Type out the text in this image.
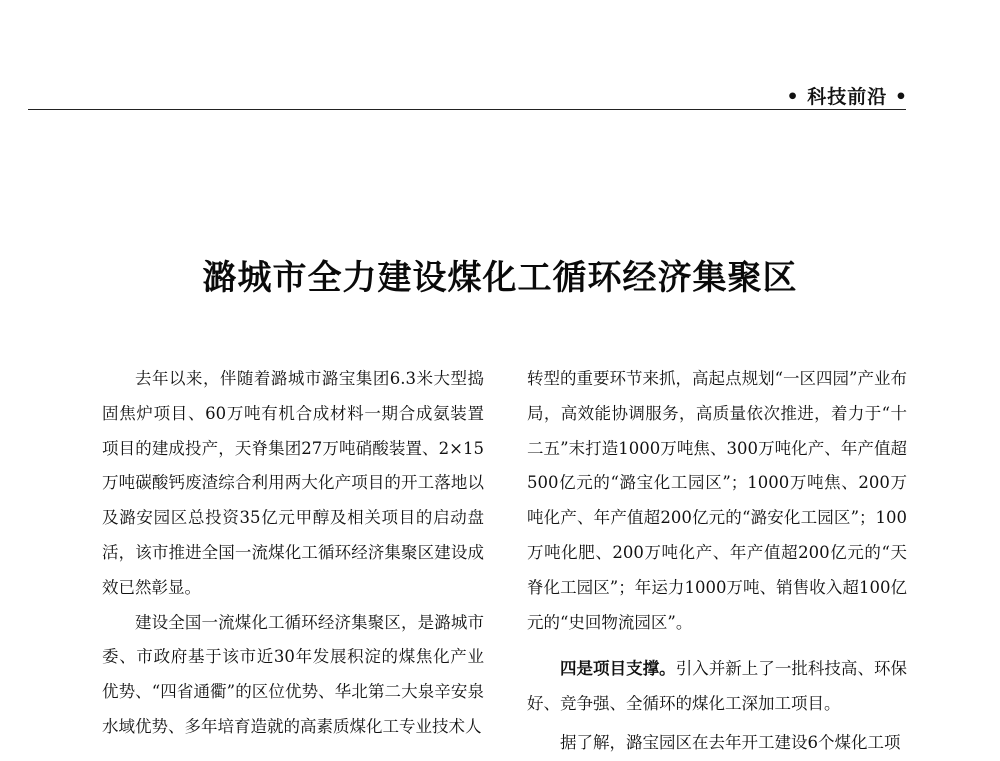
• 科技前沿 •
潞城市全力建设煤化工循环经济集聚区

去年以来，伴随着潞城市潞宝集团6.3米大型捣固焦炉项目、60万吨有机合成材料一期合成氨装置项目的建成投产，天脊集团27万吨硝酸装置、2×15万吨碳酸钙废渣综合利用两大化产项目的开工落地以及潞安园区总投资35亿元甲醇及相关项目的启动盘活，该市推进全国一流煤化工循环经济集聚区建设成效已然彰显。

建设全国一流煤化工循环经济集聚区，是潞城市委、市政府基于该市近30年发展积淀的煤焦化产业优势、“四省通衢”的区位优势、华北第二大泉辛安泉水域优势、多年培育造就的高素质煤化工专业技术人

转型的重要环节来抓，高起点规划“一区四园”产业布局，高效能协调服务，高质量依次推进，着力于“十二五”末打造1000万吨焦、300万吨化产、年产值超500亿元的“潞宝化工园区”；1000万吨焦、200万吨化产、年产值超200亿元的“潞安化工园区”；100万吨化肥、200万吨化产、年产值超200亿元的“天脊化工园区”；年运力1000万吨、销售收入超100亿元的“史回物流园区”。

四是项目支撑。引入并新上了一批科技高、环保好、竞争强、全循环的煤化工深加工项目。

据了解，潞宝园区在去年开工建设6个煤化工项
